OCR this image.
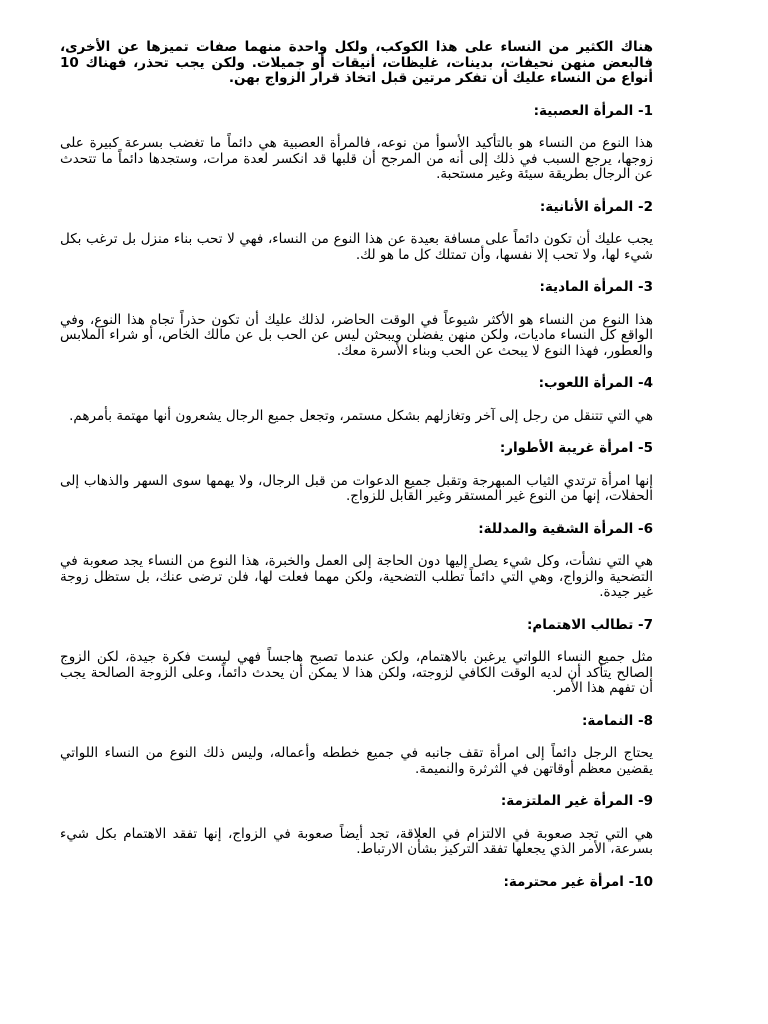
هناك الكثير من النساء على هذا الكوكب، ولكل واحدة منهما صفات تميزها عن الأخرى، فالبعض منهن نحيفات، بدينات، غليظات، أنيقات أو جميلات. ولكن يجب تحذر، فهناك 10 أنواع من النساء عليك أن تفكر مرتين قبل اتخاذ قرار الزواج بهن.

1- المرأة العصبية:

هذا النوع من النساء هو بالتأكيد الأسوأ من نوعه، فالمرأة العصبية هي دائماً ما تغضب بسرعة كبيرة على زوجها، يرجع السبب في ذلك إلى أنه من المرجح أن قلبها قد انكسر لعدة مرات، وستجدها دائماً ما تتحدث عن الرجال بطريقة سيئة وغير مستحبة.

2- المرأة الأنانية:

يجب عليك أن تكون دائماً على مسافة بعيدة عن هذا النوع من النساء، فهي لا تحب بناء منزل بل ترغب بكل شيء لها، ولا تحب إلا نفسها، وأن تمتلك كل ما هو لك.

3- المرأة المادية:

هذا النوع من النساء هو الأكثر شيوعاً في الوقت الحاضر، لذلك عليك أن تكون حذراً تجاه هذا النوع، وفي الواقع كل النساء ماديات، ولكن منهن يفضلن ويبحثن ليس عن الحب بل عن مالك الخاص، أو شراء الملابس والعطور، فهذا النوع لا يبحث عن الحب وبناء الأسرة معك.

4- المرأة اللعوب:

هي التي تتنقل من رجل إلى آخر وتغازلهم بشكل مستمر، وتجعل جميع الرجال يشعرون أنها مهتمة بأمرهم.

5- امرأة غريبة الأطوار:

إنها امرأة ترتدي الثياب المبهرجة وتقبل جميع الدعوات من قبل الرجال، ولا يهمها سوى السهر والذهاب إلى الحفلات، إنها من النوع غير المستقر وغير القابل للزواج.

6- المرأة الشقية والمدللة:

هي التي نشأت، وكل شيء يصل إليها دون الحاجة إلى العمل والخبرة، هذا النوع من النساء يجد صعوبة في التضحية والزواج، وهي التي دائماً تطلب التضحية، ولكن مهما فعلت لها، فلن ترضى عنك، بل ستظل زوجة غير جيدة.

7- تطالب الاهتمام:

مثل جميع النساء اللواتي يرغبن بالاهتمام، ولكن عندما تصبح هاجساً فهي ليست فكرة جيدة، لكن الزوج الصالح يتأكد أن لديه الوقت الكافي لزوجته، ولكن هذا لا يمكن أن يحدث دائماً، وعلى الزوجة الصالحة يجب أن تفهم هذا الأمر.

8- النمامة:

يحتاج الرجل دائماً إلى امرأة تقف جانبه في جميع خططه وأعماله، وليس ذلك النوع من النساء اللواتي يقضين معظم أوقاتهن في الثرثرة والنميمة.

9- المرأة غير الملتزمة:

هي التي تجد صعوبة في الالتزام في العلاقة، تجد أيضاً صعوبة في الزواج، إنها تفقد الاهتمام بكل شيء بسرعة، الأمر الذي يجعلها تفقد التركيز بشأن الارتباط.

10- امرأة غير محترمة:
